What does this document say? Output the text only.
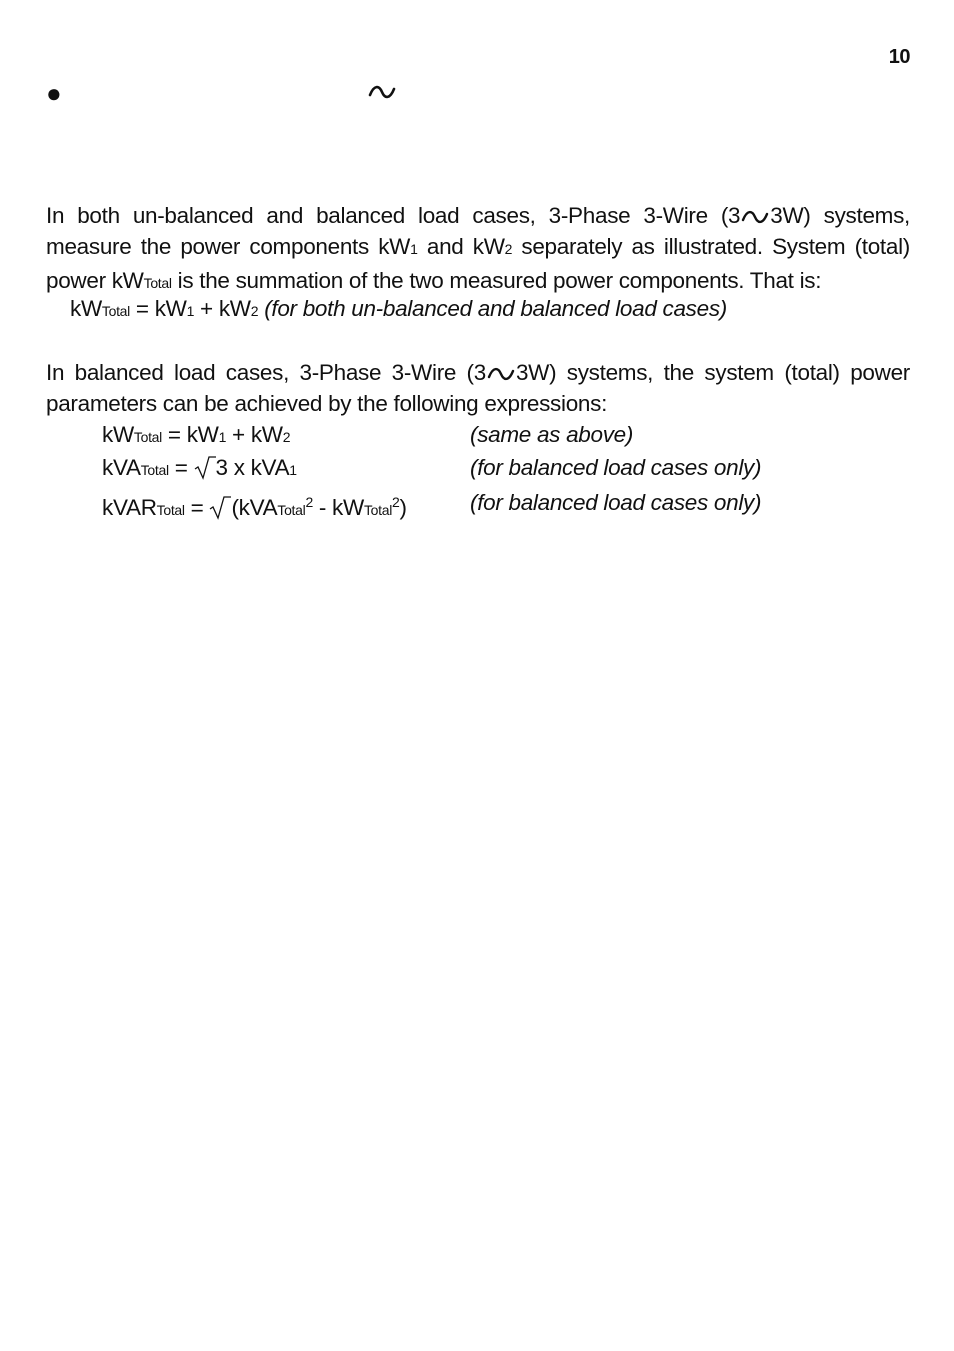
10
●
In both un-balanced and balanced load cases, 3-Phase 3-Wire (3 3W) systems, measure the power components kW1 and kW2 separately as illustrated. System (total) power kWTotal is the summation of the two measured power components. That is:
kWTotal = kW1 + kW2 (for both un-balanced and balanced load cases)
In balanced load cases, 3-Phase 3-Wire (3 3W) systems, the system (total) power parameters can be achieved by the following expressions:
kWTotal = kW1 + kW2	(same as above)
kVATotal = 3 x kVA1	(for balanced load cases only)
kVARTotal = (kVATotal$^2$ - kWTotal$^2$)	(for balanced load cases only)
